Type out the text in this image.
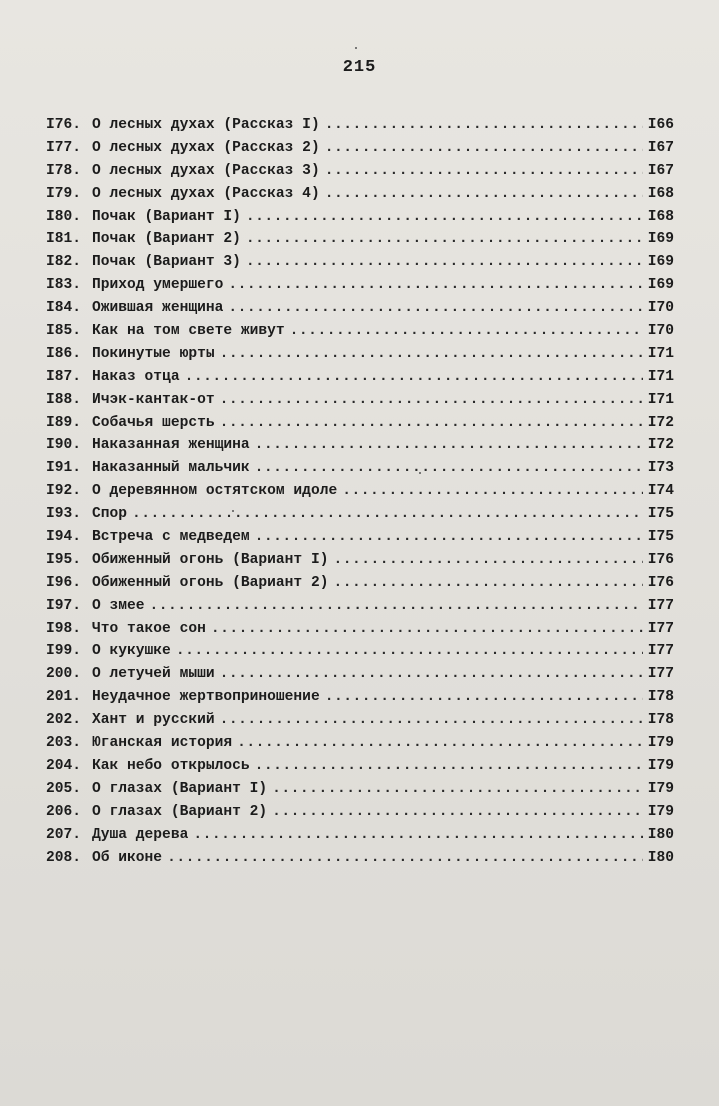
215
I76. О лесных духах (Рассказ I) .....	I66
I77. О лесных духах (Рассказ 2) .....	I67
I78. О лесных духах (Рассказ 3) .....	I67
I79. О лесных духах (Рассказ 4) .....	I68
I80. Почак (Вариант I) .....	I68
I81. Почак (Вариант 2) .....	I69
I82. Почак (Вариант 3) .....	I69
I83. Приход умершего .....	I69
I84. Ожившая женщина .....	I70
I85. Как на том свете живут .....	I70
I86. Покинутые юрты .....	I71
I87. Наказ отца .....	I71
I88. Ичэк-кантак-от .....	I71
I89. Собачья шерсть .....	I72
I90. Наказанная женщина .....	I72
I91. Наказанный мальчик .....	I73
I92. О деревянном остятском идоле .....	I74
I93. Спор .....	I75
I94. Встреча с медведем .....	I75
I95. Обиженный огонь (Вариант I) .....	I76
I96. Обиженный огонь (Вариант 2) .....	I76
I97. О змее .....	I77
I98. Что такое сон .....	I77
I99. О кукушке .....	I77
200. О летучей мыши .....	I77
201. Неудачное жертвоприношение .....	I78
202. Хант и русский .....	I78
203. Юганская история .....	I79
204. Как небо открылось .....	I79
205. О глазах (Вариант I) .....	I79
206. О глазах (Вариант 2) .....	I79
207. Душа дерева .....	I80
208. Об иконе .....	I80
